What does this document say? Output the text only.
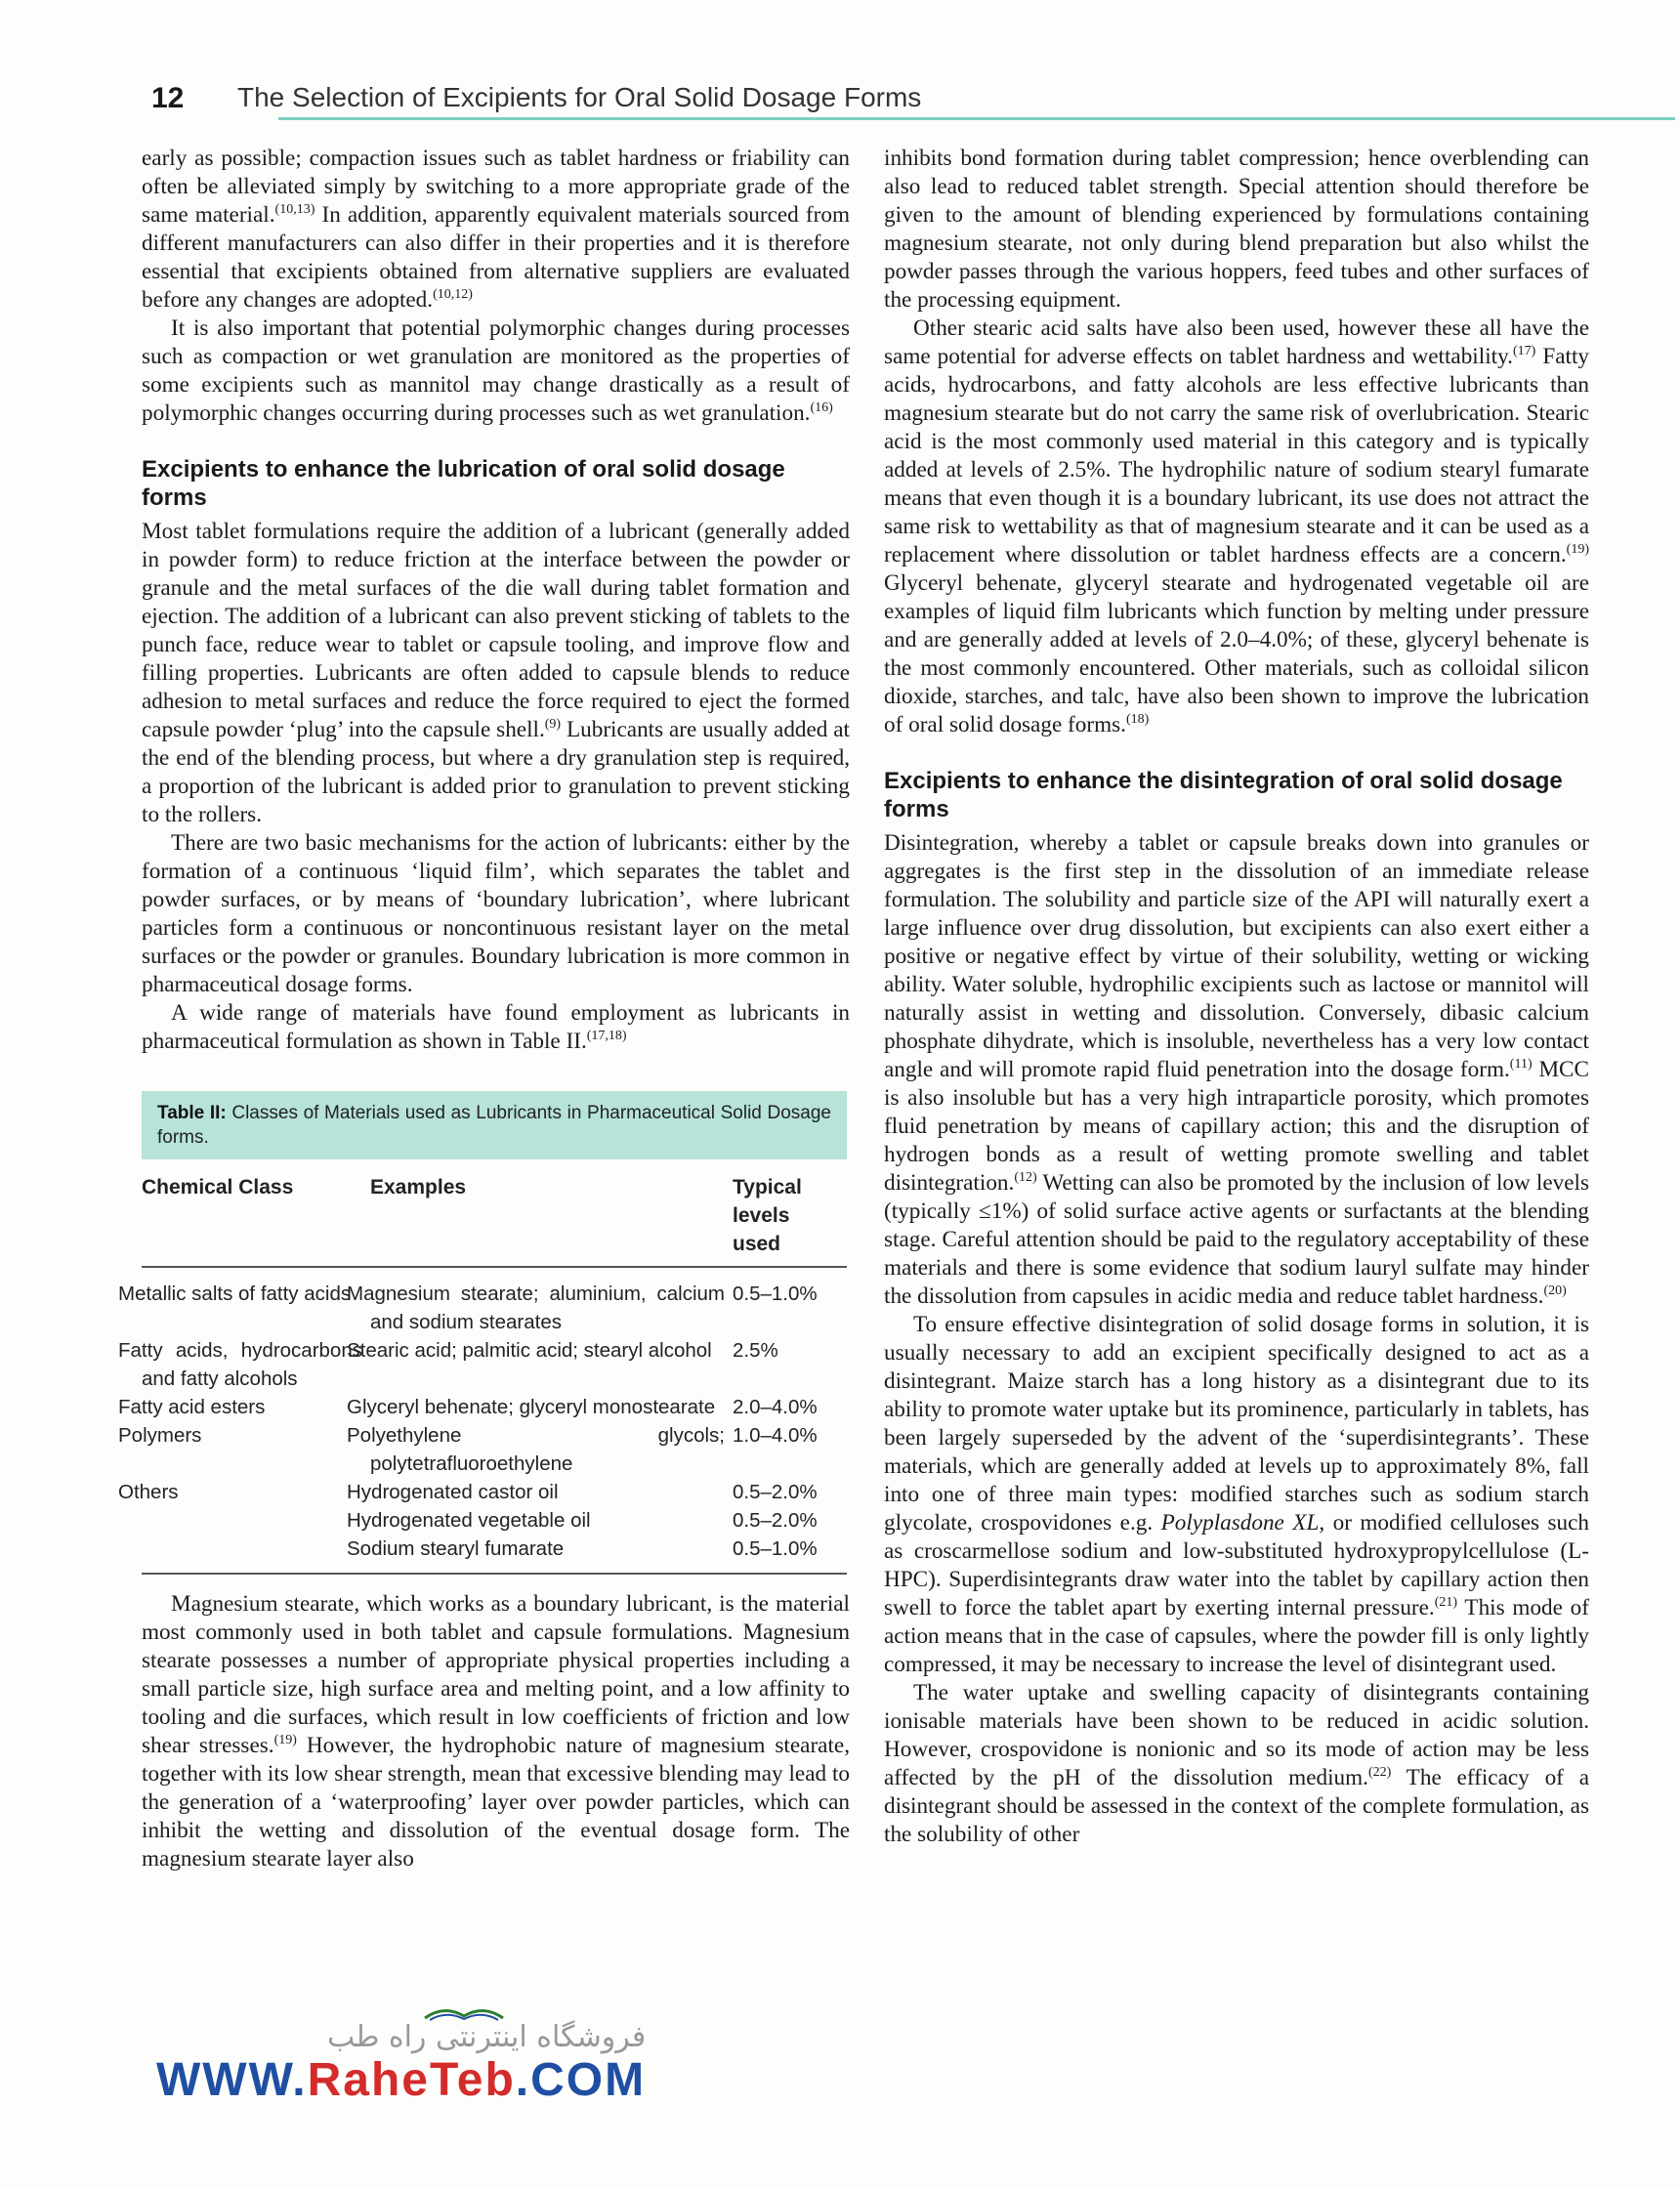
12 The Selection of Excipients for Oral Solid Dosage Forms

early as possible; compaction issues such as tablet hardness or friability can often be alleviated simply by switching to a more appropriate grade of the same material.$^{(10,13)}$ In addition, apparently equivalent materials sourced from different manufacturers can also differ in their properties and it is therefore essential that excipients obtained from alternative suppliers are evaluated before any changes are adopted.$^{(10,12)}$

It is also important that potential polymorphic changes during processes such as compaction or wet granulation are monitored as the properties of some excipients such as mannitol may change drastically as a result of polymorphic changes occurring during processes such as wet granulation.$^{(16)}$

Excipients to enhance the lubrication of oral solid dosage forms

Most tablet formulations require the addition of a lubricant (generally added in powder form) to reduce friction at the interface between the powder or granule and the metal surfaces of the die wall during tablet formation and ejection. The addition of a lubricant can also prevent sticking of tablets to the punch face, reduce wear to tablet or capsule tooling, and improve flow and filling properties. Lubricants are often added to capsule blends to reduce adhesion to metal surfaces and reduce the force required to eject the formed capsule powder ‘plug’ into the capsule shell.$^{(9)}$ Lubricants are usually added at the end of the blending process, but where a dry granulation step is required, a proportion of the lubricant is added prior to granulation to prevent sticking to the rollers.

There are two basic mechanisms for the action of lubricants: either by the formation of a continuous ‘liquid film’, which separates the tablet and powder surfaces, or by means of ‘boundary lubrication’, where lubricant particles form a continuous or noncontinuous resistant layer on the metal surfaces or the powder or granules. Boundary lubrication is more common in pharmaceutical dosage forms.

A wide range of materials have found employment as lubricants in pharmaceutical formulation as shown in Table II.$^{(17,18)}$

Table II: Classes of Materials used as Lubricants in Pharmaceutical Solid Dosage forms.
Chemical Class	Examples	Typical levels used
Metallic salts of fatty acids	Magnesium stearate; aluminium, calcium and sodium stearates	0.5–1.0%
Fatty acids, hydrocarbons and fatty alcohols	Stearic acid; palmitic acid; stearyl alcohol	2.5%
Fatty acid esters	Glyceryl behenate; glyceryl monostearate	2.0–4.0%
Polymers	Polyethylene glycols; polytetrafluoroethylene	1.0–4.0%
Others	Hydrogenated castor oil	0.5–2.0%
	Hydrogenated vegetable oil	0.5–2.0%
	Sodium stearyl fumarate	0.5–1.0%

Magnesium stearate, which works as a boundary lubricant, is the material most commonly used in both tablet and capsule formulations. Magnesium stearate possesses a number of appropriate physical properties including a small particle size, high surface area and melting point, and a low affinity to tooling and die surfaces, which result in low coefficients of friction and low shear stresses.$^{(19)}$ However, the hydrophobic nature of magnesium stearate, together with its low shear strength, mean that excessive blending may lead to the generation of a ‘waterproofing’ layer over powder particles, which can inhibit the wetting and dissolution of the eventual dosage form. The magnesium stearate layer also

inhibits bond formation during tablet compression; hence overblending can also lead to reduced tablet strength. Special attention should therefore be given to the amount of blending experienced by formulations containing magnesium stearate, not only during blend preparation but also whilst the powder passes through the various hoppers, feed tubes and other surfaces of the processing equipment.

Other stearic acid salts have also been used, however these all have the same potential for adverse effects on tablet hardness and wettability.$^{(17)}$ Fatty acids, hydrocarbons, and fatty alcohols are less effective lubricants than magnesium stearate but do not carry the same risk of overlubrication. Stearic acid is the most commonly used material in this category and is typically added at levels of 2.5%. The hydrophilic nature of sodium stearyl fumarate means that even though it is a boundary lubricant, its use does not attract the same risk to wettability as that of magnesium stearate and it can be used as a replacement where dissolution or tablet hardness effects are a concern.$^{(19)}$ Glyceryl behenate, glyceryl stearate and hydrogenated vegetable oil are examples of liquid film lubricants which function by melting under pressure and are generally added at levels of 2.0–4.0%; of these, glyceryl behenate is the most commonly encountered. Other materials, such as colloidal silicon dioxide, starches, and talc, have also been shown to improve the lubrication of oral solid dosage forms.$^{(18)}$

Excipients to enhance the disintegration of oral solid dosage forms

Disintegration, whereby a tablet or capsule breaks down into granules or aggregates is the first step in the dissolution of an immediate release formulation. The solubility and particle size of the API will naturally exert a large influence over drug dissolution, but excipients can also exert either a positive or negative effect by virtue of their solubility, wetting or wicking ability. Water soluble, hydrophilic excipients such as lactose or mannitol will naturally assist in wetting and dissolution. Conversely, dibasic calcium phosphate dihydrate, which is insoluble, nevertheless has a very low contact angle and will promote rapid fluid penetration into the dosage form.$^{(11)}$ MCC is also insoluble but has a very high intraparticle porosity, which promotes fluid penetration by means of capillary action; this and the disruption of hydrogen bonds as a result of wetting promote swelling and tablet disintegration.$^{(12)}$ Wetting can also be promoted by the inclusion of low levels (typically ≤1%) of solid surface active agents or surfactants at the blending stage. Careful attention should be paid to the regulatory acceptability of these materials and there is some evidence that sodium lauryl sulfate may hinder the dissolution from capsules in acidic media and reduce tablet hardness.$^{(20)}$

To ensure effective disintegration of solid dosage forms in solution, it is usually necessary to add an excipient specifically designed to act as a disintegrant. Maize starch has a long history as a disintegrant due to its ability to promote water uptake but its prominence, particularly in tablets, has been largely superseded by the advent of the ‘superdisintegrants’. These materials, which are generally added at levels up to approximately 8%, fall into one of three main types: modified starches such as sodium starch glycolate, crospovidones e.g. Polyplasdone XL, or modified celluloses such as croscarmellose sodium and low-substituted hydroxypropylcellulose (L-HPC). Superdisintegrants draw water into the tablet by capillary action then swell to force the tablet apart by exerting internal pressure.$^{(21)}$ This mode of action means that in the case of capsules, where the powder fill is only lightly compressed, it may be necessary to increase the level of disintegrant used.

The water uptake and swelling capacity of disintegrants containing ionisable materials have been shown to be reduced in acidic solution. However, crospovidone is nonionic and so its mode of action may be less affected by the pH of the dissolution medium.$^{(22)}$ The efficacy of a disintegrant should be assessed in the context of the complete formulation, as the solubility of other

فروشگاه اینترنتی راه طب
WWW.RaheTeb.COM
